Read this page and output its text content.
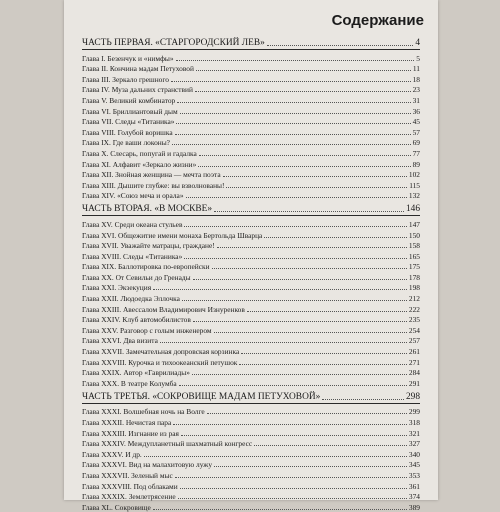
Содержание
ЧАСТЬ ПЕРВАЯ. «СТАРГОРОДСКИЙ ЛЕВ»	4
Глава I. Безенчук и «нимфы»	5
Глава II. Кончина мадам Петуховой	11
Глава III. Зеркало грешного	18
Глава IV. Муза дальних странствий	23
Глава V. Великий комбинатор	31
Глава VI. Бриллиантовый дым	36
Глава VII. Следы «Титаника»	45
Глава VIII. Голубой воришка	57
Глава IX. Где ваши локоны?	69
Глава X. Слесарь, попугай и гадалка	77
Глава XI. Алфавит «Зеркало жизни»	89
Глава XII. Знойная женщина — мечта поэта	102
Глава XIII. Дышите глубже: вы взволнованы!	115
Глава XIV. «Союз меча и орала»	132
ЧАСТЬ ВТОРАЯ. «В МОСКВЕ»	146
Глава XV. Среди океана стульев	147
Глава XVI. Общежитие имени монаха Бертольда Шварца	150
Глава XVII. Уважайте матрацы, граждане!	158
Глава XVIII. Следы «Титаника»	165
Глава XIX. Баллотировка по-европейски	175
Глава XX. От Севильи до Гренады	178
Глава XXI. Экзекуция	198
Глава XXII. Людоедка Эллочка	212
Глава XXIII. Авессалом Владимирович Изнуренков	222
Глава XXIV. Клуб автомобилистов	235
Глава XXV. Разговор с голым инженером	254
Глава XXVI. Два визита	257
Глава XXVII. Замечательная допровская корзинка	261
Глава XXVIII. Курочка и тихоокеанский петушок	271
Глава XXIX. Автор «Гаврилиады»	284
Глава XXX. В театре Колумба	291
ЧАСТЬ ТРЕТЬЯ. «СОКРОВИЩЕ МАДАМ ПЕТУХОВОЙ»	298
Глава XXXI. Волшебная ночь на Волге	299
Глава XXXII. Нечистая пара	318
Глава XXXIII. Изгнание из рая	321
Глава XXXIV. Междупланетный шахматный конгресс	327
Глава XXXV. И др.	340
Глава XXXVI. Вид на малахитовую лужу	345
Глава XXXVII. Зеленый мыс	353
Глава XXXVIII. Под облаками	361
Глава XXXIX. Землетрясение	374
Глава XL. Сокровище	389
